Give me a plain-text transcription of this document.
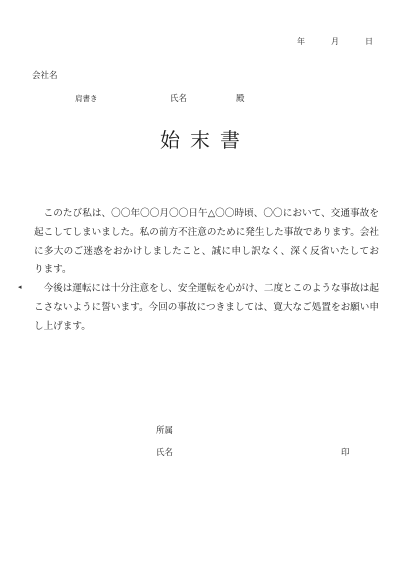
年	月	日
会社名
肩書き	氏名	殿
始末書
◂

このたび私は、〇〇年〇〇月〇〇日午△〇〇時頃、〇〇において、交通事故を起こしてしまいました。私の前方不注意のために発生した事故であります。会社に多大のご迷惑をおかけしましたこと、誠に申し訳なく、深く反省いたしております。

今後は運転には十分注意をし、安全運転を心がけ、二度とこのような事故は起こさないように誓います。今回の事故につきましては、寛大なご処置をお願い申し上げます。

所属
氏名	印
